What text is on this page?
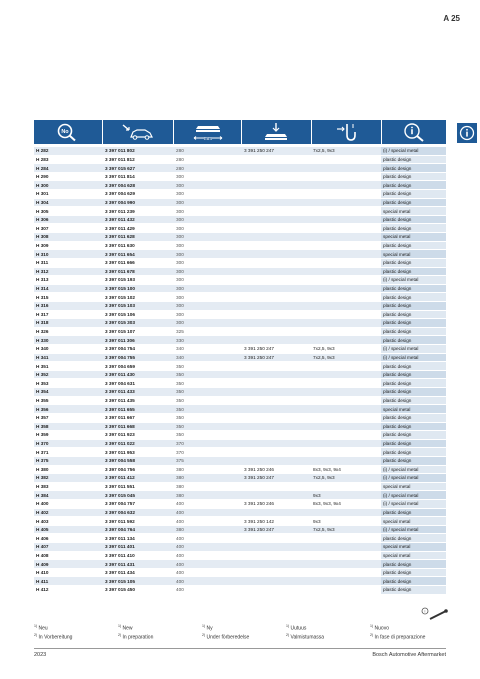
A 25
No
mm
H 282	3 397 011 802	280	3 391 250 247	7x2,5, 9x3	(i) / special metal
H 283	3 397 011 812	280			plastic design
H 284	3 397 015 627	280			plastic design
H 290	3 397 011 814	300			plastic design
H 300	3 397 004 628	300			plastic design
H 301	3 397 004 629	300			plastic design
H 304	3 397 004 990	300			plastic design
H 305	3 397 011 239	300			special metal
H 306	3 397 011 432	300			plastic design
H 307	3 397 011 429	300			plastic design
H 308	3 397 011 628	300			special metal
H 309	3 397 011 630	300			plastic design
H 310	3 397 011 654	300			special metal
H 311	3 397 011 666	300			plastic design
H 312	3 397 011 678	300			plastic design
H 313	3 397 015 193	300			(i) / special metal
H 314	3 397 015 100	300			plastic design
H 315	3 397 015 102	300			plastic design
H 316	3 397 015 103	300			plastic design
H 317	3 397 015 106	300			plastic design
H 318	3 397 015 303	300			plastic design
H 326	3 397 015 107	325			plastic design
H 330	3 397 011 306	330			plastic design
H 340	3 397 004 754	340	3 391 250 247	7x2,5, 9x3	(i) / special metal
H 341	3 397 004 755	340	3 391 250 247	7x2,5, 9x3	(i) / special metal
H 351	3 397 004 659	350			plastic design
H 352	3 397 011 430	350			plastic design
H 353	3 397 004 631	350			plastic design
H 354	3 397 011 433	350			plastic design
H 355	3 397 011 435	350			plastic design
H 356	3 397 011 655	350			special metal
H 357	3 397 011 667	350			plastic design
H 358	3 397 011 668	350			plastic design
H 359	3 397 011 923	350			plastic design
H 370	3 397 011 022	370			plastic design
H 371	3 397 011 953	370			plastic design
H 375	3 397 004 558	375			plastic design
H 380	3 397 004 756	380	3 391 250 246	8x3, 9x3, 9x4	(i) / special metal
H 382	3 397 011 412	380	3 391 250 247	7x2,5, 9x3	(i) / special metal
H 383	3 397 011 551	380			special metal
H 384	3 397 015 045	380		9x3	(i) / special metal
H 400	3 397 004 757	400	3 391 250 246	8x3, 9x3, 9x4	(i) / special metal
H 402	3 397 004 632	400			plastic design
H 403	3 397 011 592	400	3 391 250 142	9x3	special metal
H 405	3 397 004 764	380	3 391 250 247	7x2,5, 9x3	(i) / special metal
H 406	3 397 011 134	400			plastic design
H 407	3 397 011 401	400			special metal
H 408	3 397 011 410	400			special metal
H 409	3 397 011 431	400			plastic design
H 410	3 397 011 434	400			plastic design
H 411	3 397 015 105	400			plastic design
H 412	3 397 015 450	400			plastic design
i
$^{1)}$ Neu	$^{1)}$ New	$^{1)}$ Ny	$^{1)}$ Uutuus	$^{1)}$ Nuovo
$^{2)}$ In Vorbereitung	$^{2)}$ In preparation	$^{2)}$ Under förberedelse	$^{2)}$ Valmistumassa	$^{2)}$ In fase di preparazione
2023	Bosch Automotive Aftermarket
